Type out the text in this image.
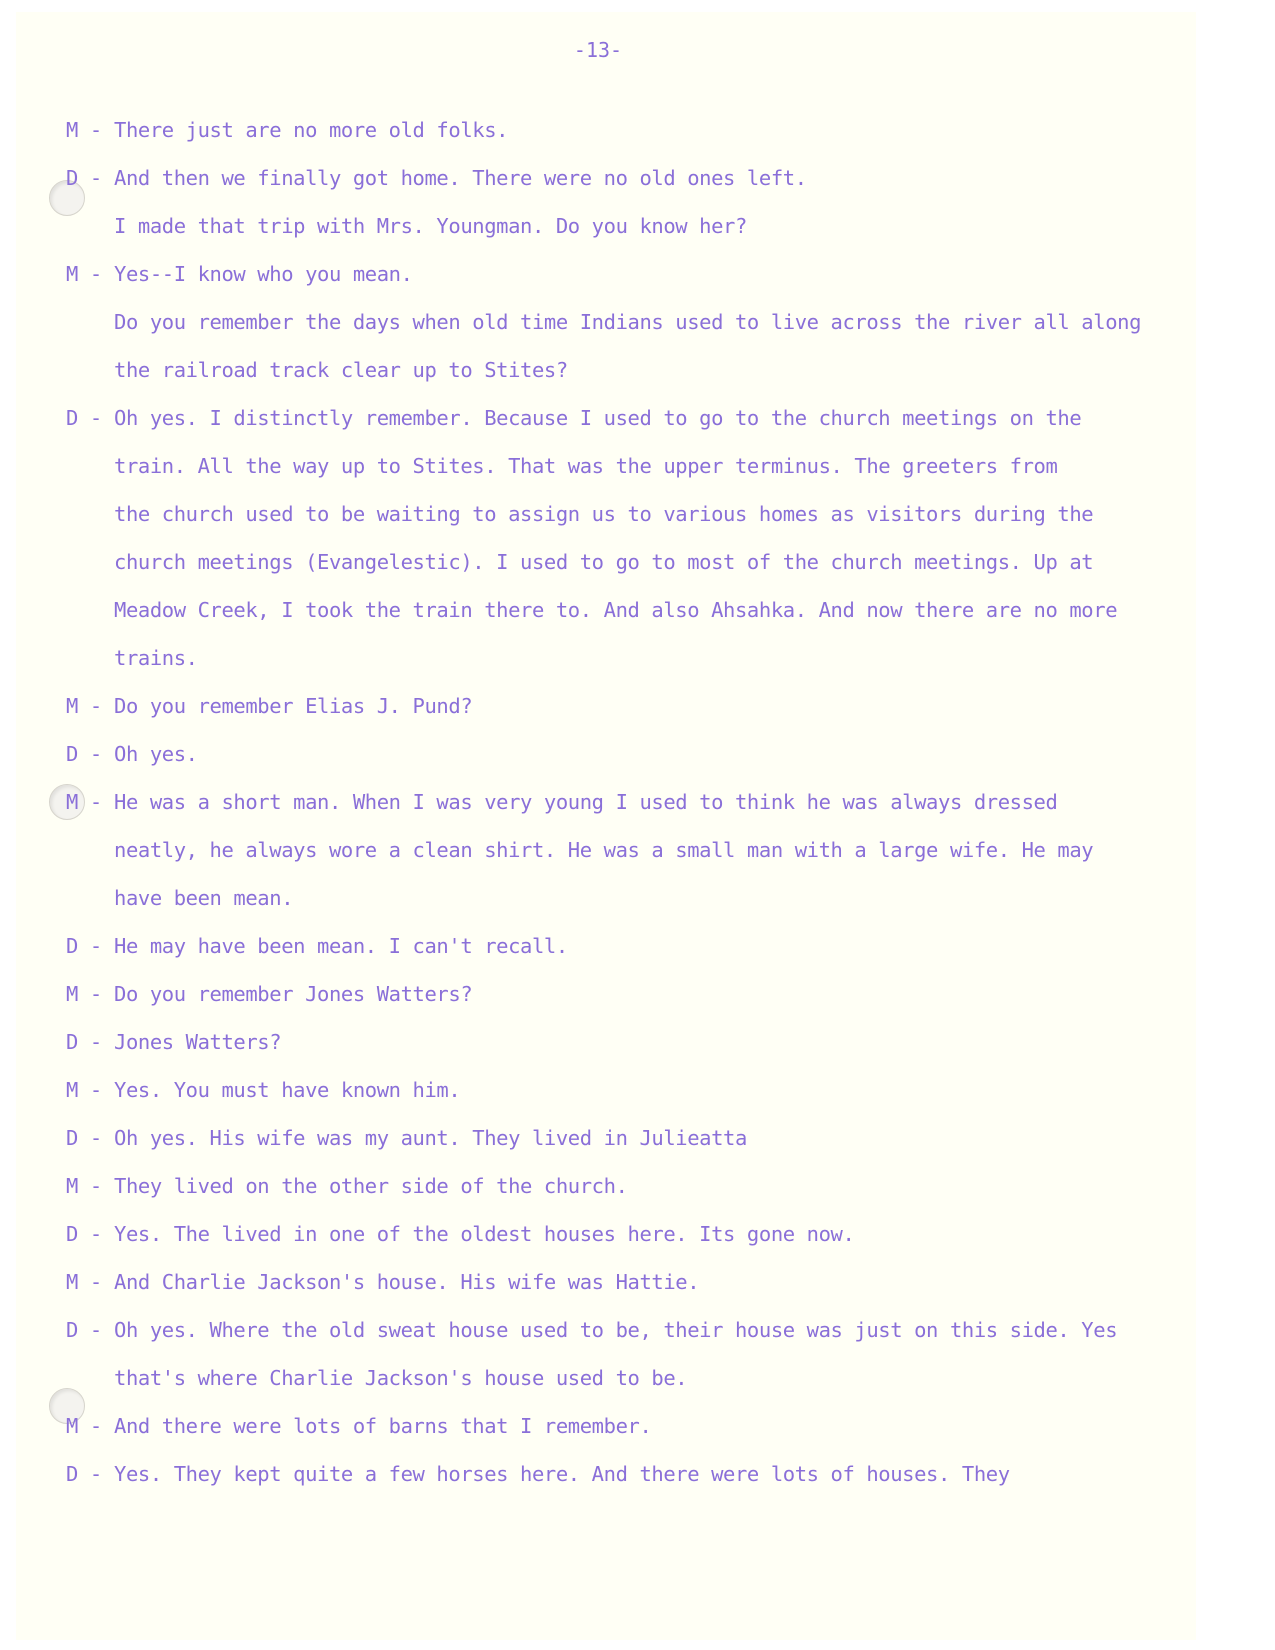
-13-
M - There just are no more old folks.
D - And then we finally got home. There were no old ones left.
I made that trip with Mrs. Youngman. Do you know her?
M - Yes--I know who you mean.
Do you remember the days when old time Indians used to live across the river all along
the railroad track clear up to Stites?
D - Oh yes. I distinctly remember. Because I used to go to the church meetings on the
train. All the way up to Stites. That was the upper terminus. The greeters from
the church used to be waiting to assign us to various homes as visitors during the
church meetings (Evangelestic). I used to go to most of the church meetings. Up at
Meadow Creek, I took the train there to. And also Ahsahka. And now there are no more
trains.
M - Do you remember Elias J. Pund?
D - Oh yes.
M - He was a short man. When I was very young I used to think he was always dressed
neatly, he always wore a clean shirt. He was a small man with a large wife. He may
have been mean.
D - He may have been mean. I can't recall.
M - Do you remember Jones Watters?
D - Jones Watters?
M - Yes. You must have known him.
D - Oh yes. His wife was my aunt. They lived in Julieatta
M - They lived on the other side of the church.
D - Yes. The lived in one of the oldest houses here. Its gone now.
M - And Charlie Jackson's house. His wife was Hattie.
D - Oh yes. Where the old sweat house used to be, their house was just on this side. Yes
that's where Charlie Jackson's house used to be.
M - And there were lots of barns that I remember.
D - Yes. They kept quite a few horses here. And there were lots of houses. They
